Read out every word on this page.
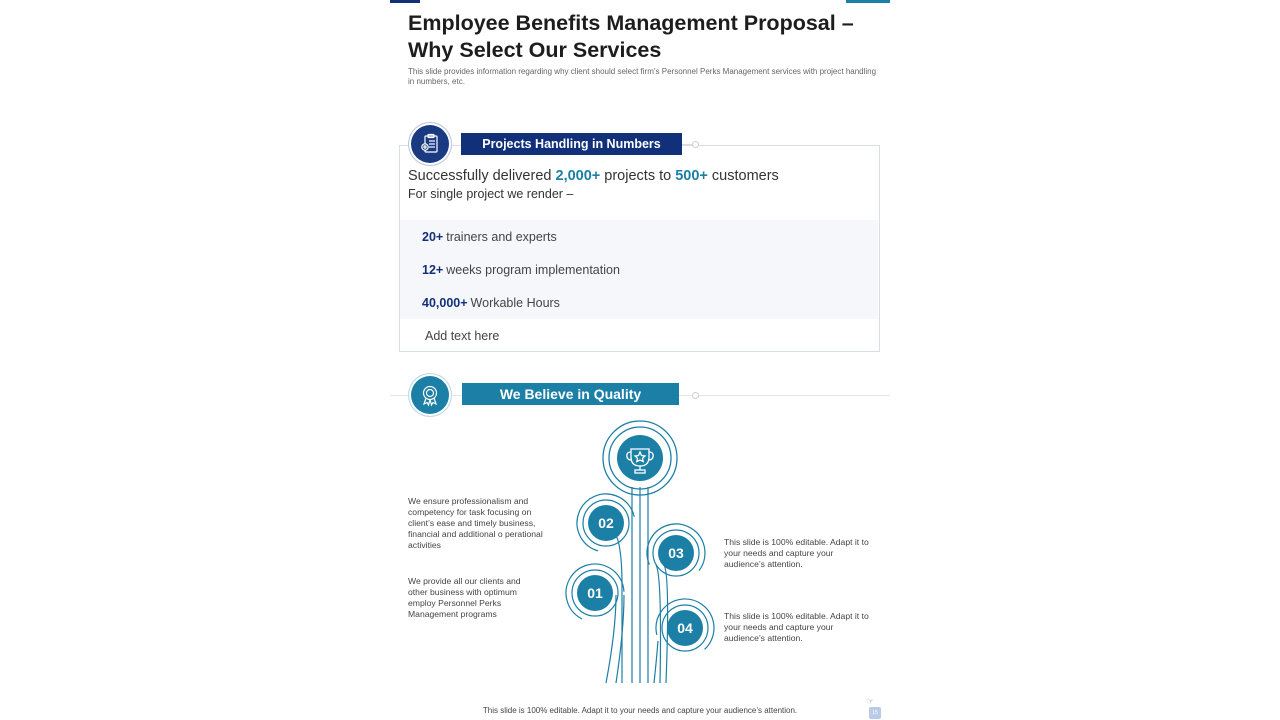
Employee Benefits Management Proposal – Why Select Our Services

This slide provides information regarding why client should select firm’s Personnel Perks Management services with project handling in numbers, etc.

Projects Handling in Numbers
Successfully delivered 2,000+ projects to 500+ customers
For single project we render –
20+ trainers and experts
12+ weeks program implementation
40,000+ Workable Hours
Add text here
We Believe in Quality
02
03
01
04

We ensure professionalism and competency for task focusing on client’s ease and timely business, financial and additional o perational activities

We provide all our clients and other business with optimum employ Personnel Perks Management programs

This slide is 100% editable. Adapt it to your needs and capture your audience’s attention.

This slide is 100% editable. Adapt it to your needs and capture your audience’s attention.

This slide is 100% editable. Adapt it to your needs and capture your audience’s attention.
☞
15
